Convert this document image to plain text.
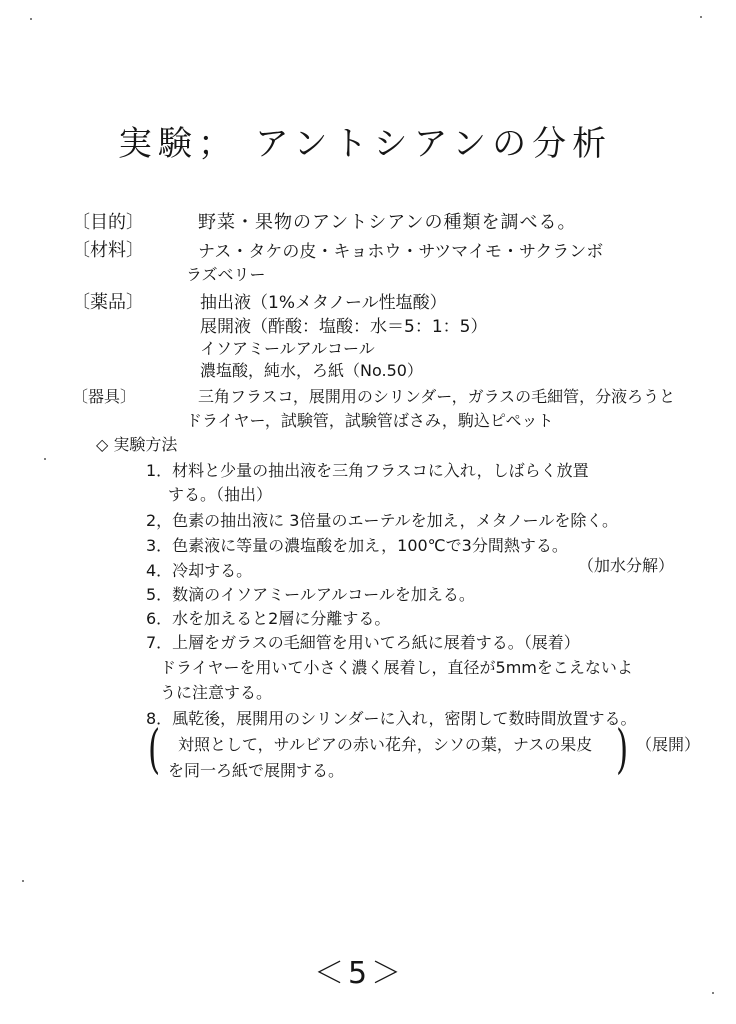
実験； アントシアンの分析
〔目的〕	野菜・果物のアントシアンの種類を調べる。
〔材料〕	ナス・タケの皮・キョホウ・サツマイモ・サクランボ
ラズベリー
〔薬品〕	抽出液（1%メタノール性塩酸）
展開液（酢酸：塩酸：水＝5：1：5）
イソアミールアルコール
濃塩酸，純水，ろ紙（No.50）
〔器具〕	三角フラスコ，展開用のシリンダー，ガラスの毛細管，分液ろうと
ドライヤー，試験管，試験管ばさみ，駒込ピペット
◇ 実験方法
1．材料と少量の抽出液を三角フラスコに入れ，しばらく放置
する。（抽出）
2，色素の抽出液に 3倍量のエーテルを加え，メタノールを除く。
3．色素液に等量の濃塩酸を加え，100℃で3分間熱する。
4．冷却する。	（加水分解）
5．数滴のイソアミールアルコールを加える。
6．水を加えると2層に分離する。
7．上層をガラスの毛細管を用いてろ紙に展着する。（展着）
ドライヤーを用いて小さく濃く展着し，直径が5mmをこえないよ
うに注意する。
8．風乾後，展開用のシリンダーに入れ，密閉して数時間放置する。
( 対照として，サルビアの赤い花弁，シソの葉，ナスの果皮
を同一ろ紙で展開する。	) （展開）
＜5＞
